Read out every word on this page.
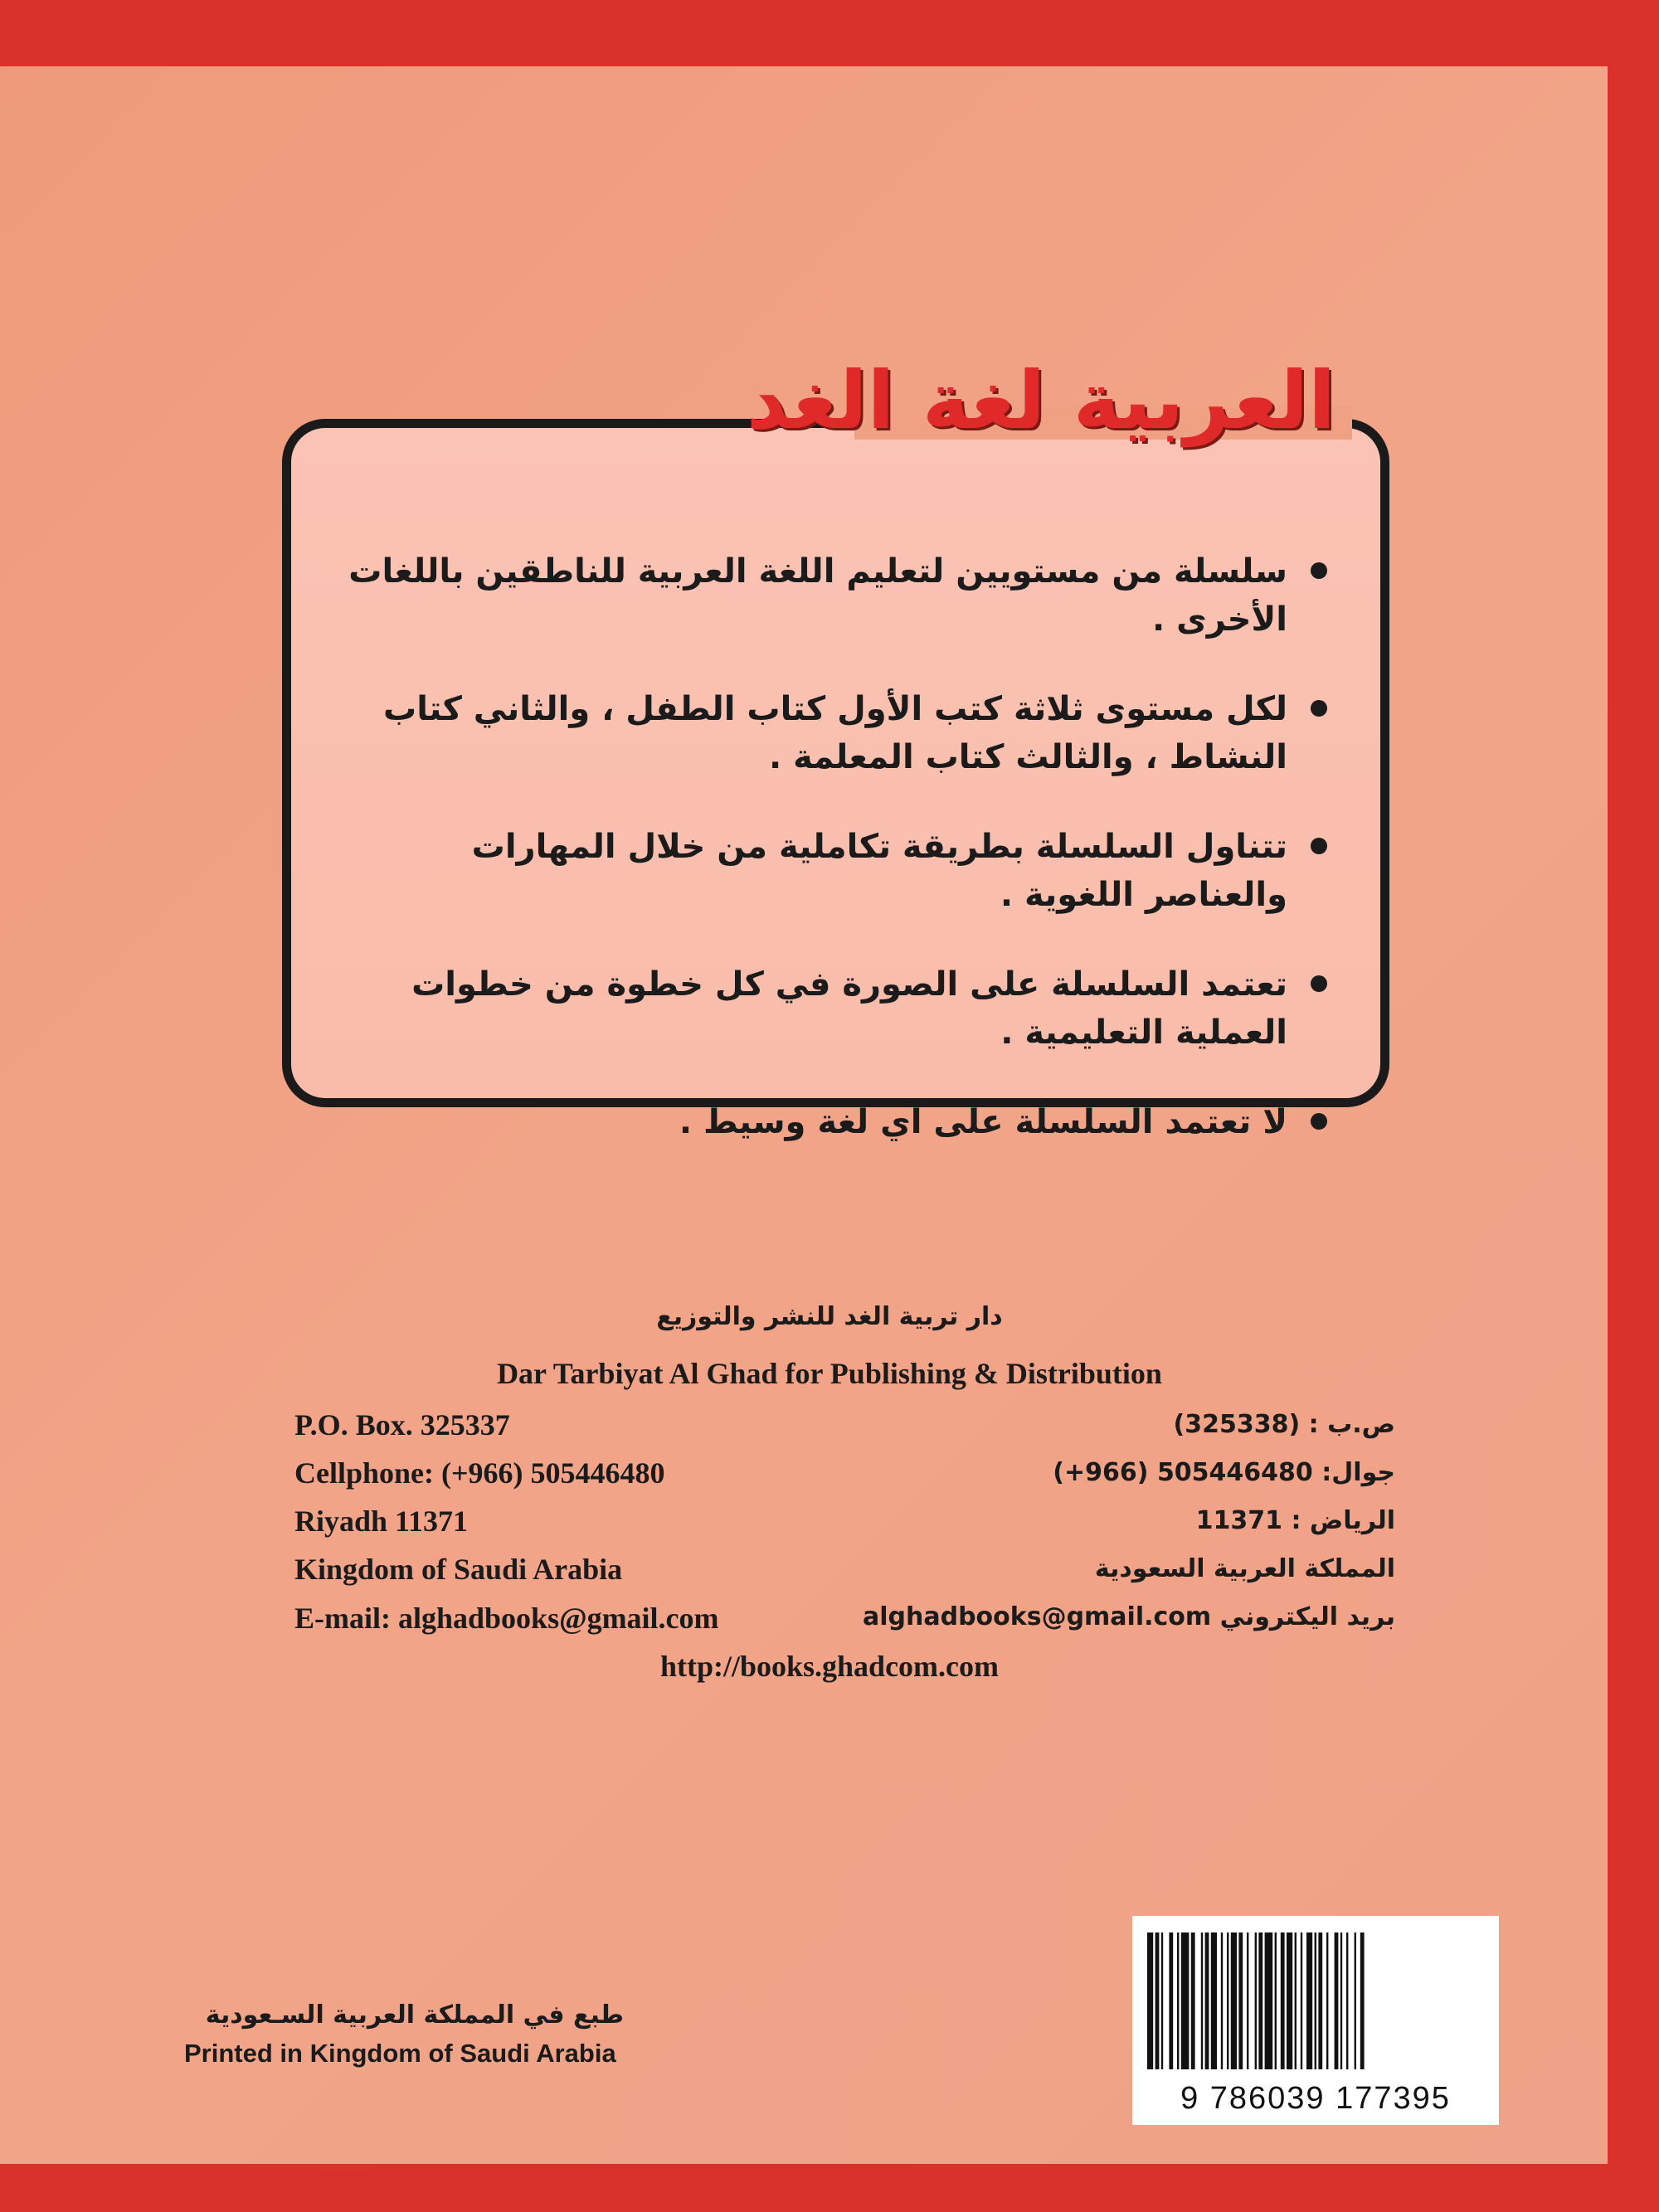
العربية لغة الغد
سلسلة من مستويين لتعليم اللغة العربية للناطقين باللغات الأخرى .
لكل مستوى ثلاثة كتب الأول كتاب الطفل ، والثاني كتاب النشاط ، والثالث كتاب المعلمة .
تتناول السلسلة بطريقة تكاملية من خلال المهارات والعناصر اللغوية .
تعتمد السلسلة على الصورة في كل خطوة من خطوات العملية التعليمية .
لا تعتمد السلسلة على أي لغة وسيط .
دار تربية الغد للنشر والتوزيع
Dar Tarbiyat Al Ghad for Publishing & Distribution
P.O. Box. 325337	ص.ب : (325338)
Cellphone: (+966) 505446480	جوال: 505446480 (966+)
Riyadh 11371	الرياض : 11371
Kingdom of Saudi Arabia	المملكة العربية السعودية
E-mail: alghadbooks@gmail.com	بريد اليكتروني alghadbooks@gmail.com
http://books.ghadcom.com
طبع في المملكة العربية السـعودية
Printed in Kingdom of Saudi Arabia
9 786039 177395
